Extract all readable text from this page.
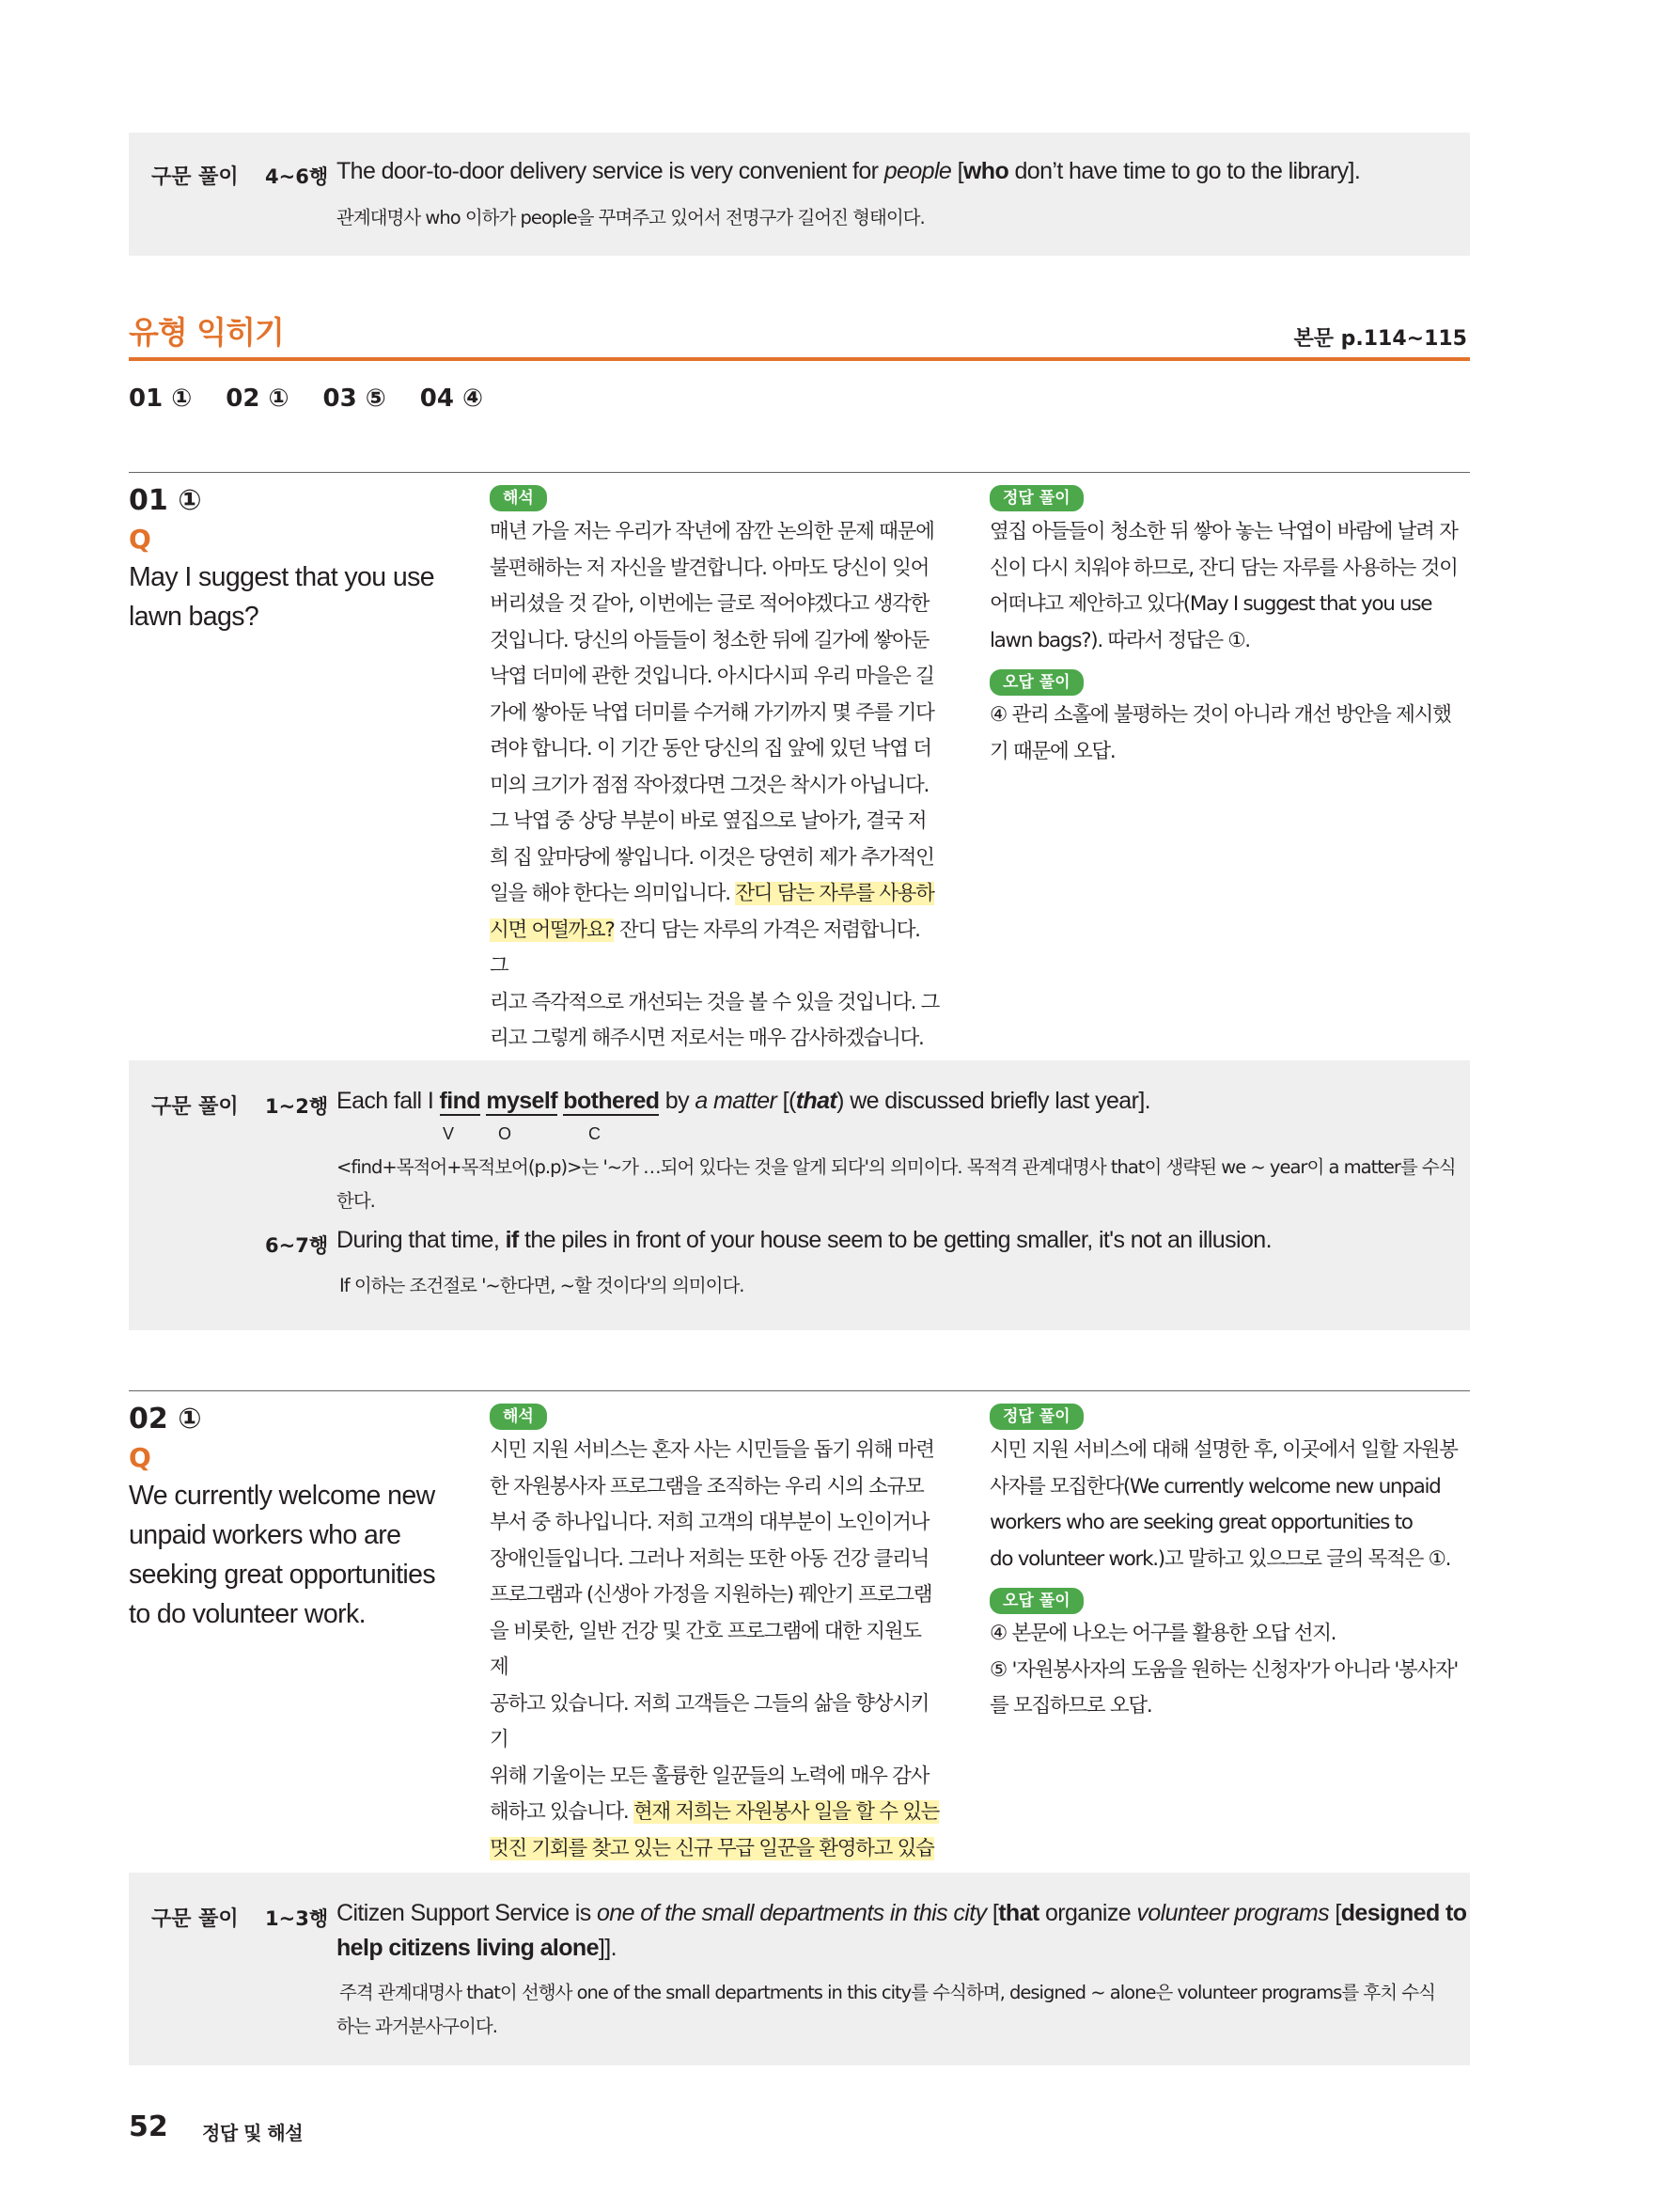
구문 풀이 4~6행 The door-to-door delivery service is very convenient for people [who don’t have time to go to the library].
관계대명사 who 이하가 people을 꾸며주고 있어서 전명구가 길어진 형태이다.
유형 익히기	본문 p.114~115
01 ① 02 ① 03 ⑤ 04 ④
01 ①
Q
May I suggest that you use
lawn bags?
해석
매년 가을 저는 우리가 작년에 잠깐 논의한 문제 때문에
불편해하는 저 자신을 발견합니다. 아마도 당신이 잊어
버리셨을 것 같아, 이번에는 글로 적어야겠다고 생각한
것입니다. 당신의 아들들이 청소한 뒤에 길가에 쌓아둔
낙엽 더미에 관한 것입니다. 아시다시피 우리 마을은 길
가에 쌓아둔 낙엽 더미를 수거해 가기까지 몇 주를 기다
려야 합니다. 이 기간 동안 당신의 집 앞에 있던 낙엽 더
미의 크기가 점점 작아졌다면 그것은 착시가 아닙니다.
그 낙엽 중 상당 부분이 바로 옆집으로 날아가, 결국 저
희 집 앞마당에 쌓입니다. 이것은 당연히 제가 추가적인
일을 해야 한다는 의미입니다. 잔디 담는 자루를 사용하
시면 어떨까요? 잔디 담는 자루의 가격은 저렴합니다. 그
리고 즉각적으로 개선되는 것을 볼 수 있을 것입니다. 그
리고 그렇게 해주시면 저로서는 매우 감사하겠습니다.
정답 풀이
옆집 아들들이 청소한 뒤 쌓아 놓는 낙엽이 바람에 날려 자
신이 다시 치워야 하므로, 잔디 담는 자루를 사용하는 것이
어떠냐고 제안하고 있다(May I suggest that you use
lawn bags?). 따라서 정답은 ①.
오답 풀이
④ 관리 소홀에 불평하는 것이 아니라 개선 방안을 제시했
기 때문에 오답.
구문 풀이 1~2행 Each fall I find myself bothered by a matter [(that) we discussed briefly last year].
V	O	C
<find+목적어+목적보어(p.p)>는 '~가 …되어 있다는 것을 알게 되다'의 의미이다. 목적격 관계대명사 that이 생략된 we ~ year이 a matter를 수식
한다.
6~7행 During that time, if the piles in front of your house seem to be getting smaller, it's not an illusion.
If 이하는 조건절로 '~한다면, ~할 것이다'의 의미이다.
02 ①
Q
We currently welcome new
unpaid workers who are
seeking great opportunities
to do volunteer work.
해석
시민 지원 서비스는 혼자 사는 시민들을 돕기 위해 마련
한 자원봉사자 프로그램을 조직하는 우리 시의 소규모
부서 중 하나입니다. 저희 고객의 대부분이 노인이거나
장애인들입니다. 그러나 저희는 또한 아동 건강 클리닉
프로그램과 (신생아 가정을 지원하는) 꿰안기 프로그램
을 비롯한, 일반 건강 및 간호 프로그램에 대한 지원도 제
공하고 있습니다. 저희 고객들은 그들의 삶을 향상시키기
위해 기울이는 모든 훌륭한 일꾼들의 노력에 매우 감사
해하고 있습니다. 현재 저희는 자원봉사 일을 할 수 있는
멋진 기회를 찾고 있는 신규 무급 일꾼을 환영하고 있습
정답 풀이
시민 지원 서비스에 대해 설명한 후, 이곳에서 일할 자원봉
사자를 모집한다(We currently welcome new unpaid
workers who are seeking great opportunities to
do volunteer work.)고 말하고 있으므로 글의 목적은 ①.
오답 풀이
④ 본문에 나오는 어구를 활용한 오답 선지.
⑤ '자원봉사자의 도움을 원하는 신청자'가 아니라 '봉사자'
를 모집하므로 오답.
구문 풀이 1~3행 Citizen Support Service is one of the small departments in this city [that organize volunteer programs [designed to
help citizens living alone]].
주격 관계대명사 that이 선행사 one of the small departments in this city를 수식하며, designed ~ alone은 volunteer programs를 후치 수식
하는 과거분사구이다.
52 정답 및 해설
